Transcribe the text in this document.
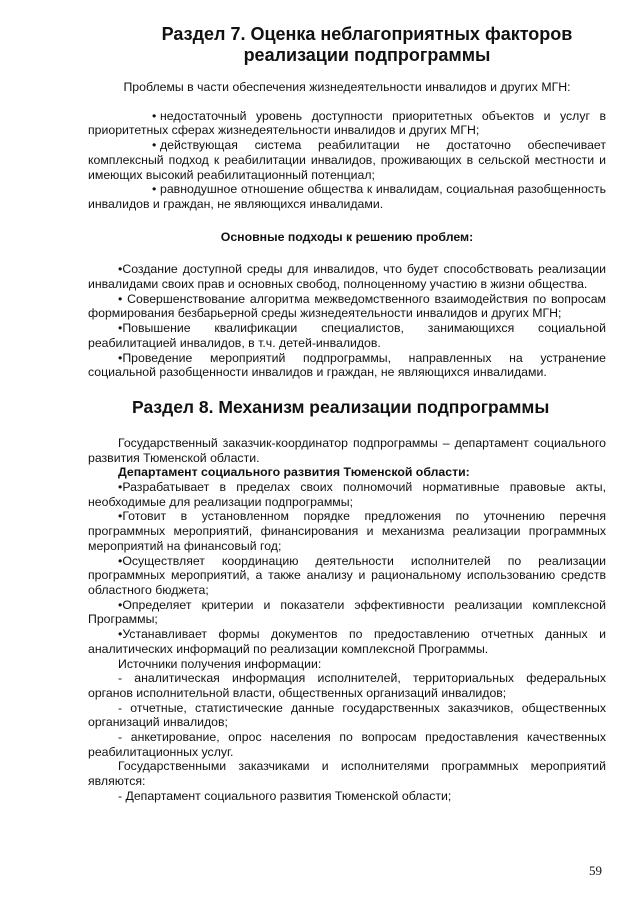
Раздел 7. Оценка неблагоприятных факторов
реализации подпрограммы

Проблемы в части обеспечения жизнедеятельности инвалидов и других МГН:

• недостаточный уровень доступности приоритетных объектов и услуг в приоритетных сферах жизнедеятельности инвалидов и других МГН;

• действующая система реабилитации не достаточно обеспечивает комплексный подход к реабилитации инвалидов, проживающих в сельской местности и имеющих высокий реабилитационный потенциал;

• равнодушное отношение общества к инвалидам, социальная разобщенность инвалидов и граждан, не являющихся инвалидами.

Основные подходы к решению проблем:

•Создание доступной среды для инвалидов, что будет способствовать реализации инвалидами своих прав и основных свобод, полноценному участию в жизни общества.

• Совершенствование алгоритма межведомственного взаимодействия по вопросам формирования безбарьерной среды жизнедеятельности инвалидов и других МГН;

•Повышение квалификации специалистов, занимающихся социальной реабилитацией инвалидов, в т.ч. детей-инвалидов.

•Проведение мероприятий подпрограммы, направленных на устранение социальной разобщенности инвалидов и граждан, не являющихся инвалидами.

Раздел 8. Механизм реализации подпрограммы

Государственный заказчик-координатор подпрограммы – департамент социального развития Тюменской области.

Департамент социального развития Тюменской области:

•Разрабатывает в пределах своих полномочий нормативные правовые акты, необходимые для реализации подпрограммы;

•Готовит в установленном порядке предложения по уточнению перечня программных мероприятий, финансирования и механизма реализации программных мероприятий на финансовый год;

•Осуществляет координацию деятельности исполнителей по реализации программных мероприятий, а также анализу и рациональному использованию средств областного бюджета;

•Определяет критерии и показатели эффективности реализации комплексной Программы;

•Устанавливает формы документов по предоставлению отчетных данных и аналитических информаций по реализации комплексной Программы.

Источники получения информации:

- аналитическая информация исполнителей, территориальных федеральных органов исполнительной власти, общественных организаций инвалидов;

- отчетные, статистические данные государственных заказчиков, общественных организаций инвалидов;

- анкетирование, опрос населения по вопросам предоставления качественных реабилитационных услуг.

Государственными заказчиками и исполнителями программных мероприятий являются:

- Департамент социального развития Тюменской области;

59
